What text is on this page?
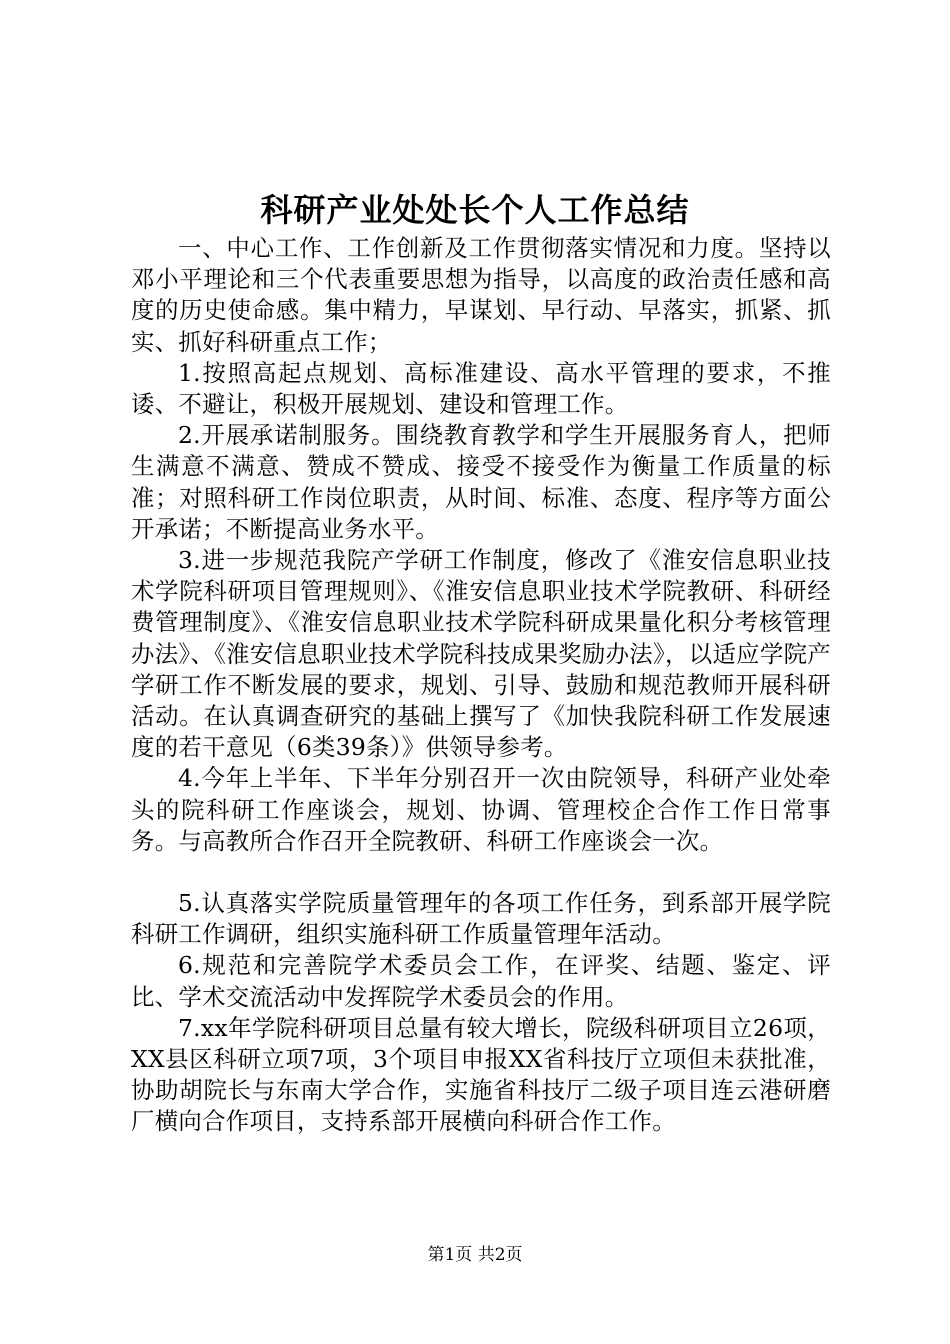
科研产业处处长个人工作总结

一、中心工作、工作创新及工作贯彻落实情况和力度。坚持以邓小平理论和三个代表重要思想为指导，以高度的政治责任感和高度的历史使命感。集中精力，早谋划、早行动、早落实，抓紧、抓实、抓好科研重点工作；

1.按照高起点规划、高标准建设、高水平管理的要求，不推诿、不避让，积极开展规划、建设和管理工作。

2.开展承诺制服务。围绕教育教学和学生开展服务育人，把师生满意不满意、赞成不赞成、接受不接受作为衡量工作质量的标准；对照科研工作岗位职责，从时间、标准、态度、程序等方面公开承诺；不断提高业务水平。

3.进一步规范我院产学研工作制度，修改了《淮安信息职业技术学院科研项目管理规则》、《淮安信息职业技术学院教研、科研经费管理制度》、《淮安信息职业技术学院科研成果量化积分考核管理办法》、《淮安信息职业技术学院科技成果奖励办法》，以适应学院产学研工作不断发展的要求，规划、引导、鼓励和规范教师开展科研活动。在认真调查研究的基础上撰写了《加快我院科研工作发展速度的若干意见（6类39条）》供领导参考。

4.今年上半年、下半年分别召开一次由院领导，科研产业处牵头的院科研工作座谈会，规划、协调、管理校企合作工作日常事务。与高教所合作召开全院教研、科研工作座谈会一次。

5.认真落实学院质量管理年的各项工作任务，到系部开展学院科研工作调研，组织实施科研工作质量管理年活动。

6.规范和完善院学术委员会工作，在评奖、结题、鉴定、评比、学术交流活动中发挥院学术委员会的作用。

7.xx年学院科研项目总量有较大增长，院级科研项目立26项，XX县区科研立项7项，3个项目申报XX省科技厅立项但未获批准，协助胡院长与东南大学合作，实施省科技厅二级子项目连云港研磨厂横向合作项目，支持系部开展横向科研合作工作。

第1页 共2页
